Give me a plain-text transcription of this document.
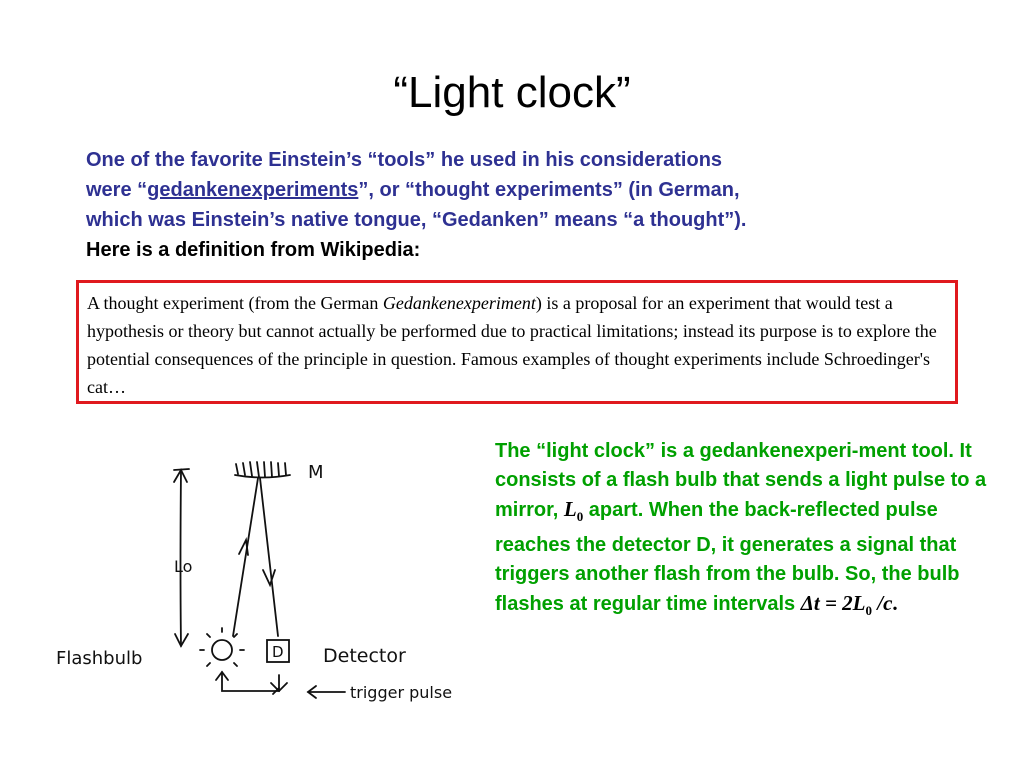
“Light clock”
One of the favorite Einstein’s “tools” he used in his considerations
were “gedankenexperiments”, or “thought experiments” (in German,
which was Einstein’s native tongue, “Gedanken” means “a thought”).
Here is a definition from Wikipedia:
A thought experiment (from the German Gedankenexperiment) is a proposal for an experiment that would test a hypothesis or theory but cannot actually be performed due to practical limitations; instead its purpose is to explore the potential consequences of the principle in question. Famous examples of thought experiments include Schroedinger's cat…
M
Lo
Flashbulb	D Detector
trigger pulse
The “light clock” is a gedankenexperi-ment tool. It consists of a flash bulb that sends a light pulse to a mirror, $L_0$ apart. When the back-reflected pulse reaches the detector D, it generates a signal that triggers another flash from the bulb. So, the bulb flashes at regular time intervals $\Delta t = 2L_0$ /c.
